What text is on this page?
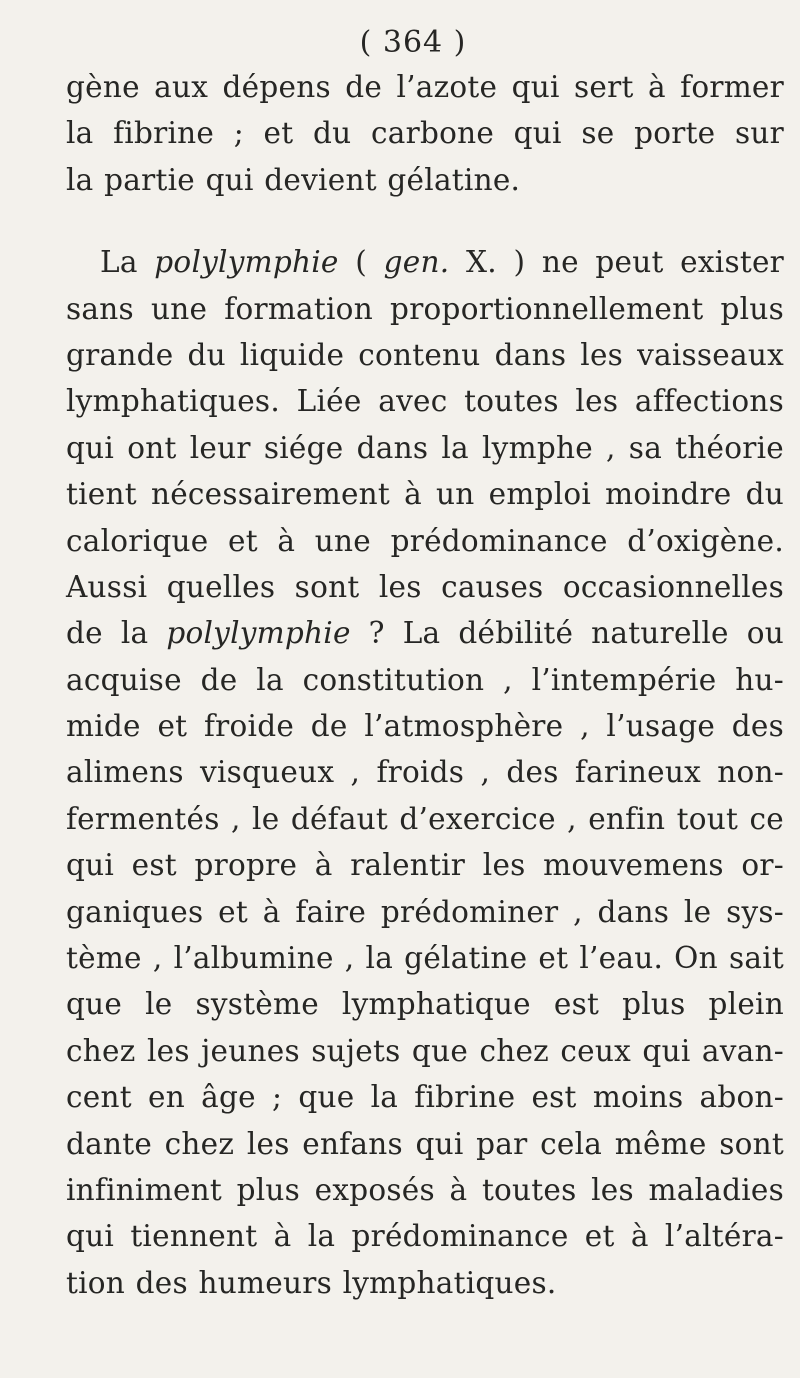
( 364 )
gène aux dépens de l’azote qui sert à former
la fibrine ; et du carbone qui se porte sur
la partie qui devient gélatine.
La polylymphie ( gen. X. ) ne peut exister
sans une formation proportionnellement plus
grande du liquide contenu dans les vaisseaux
lymphatiques. Liée avec toutes les affections
qui ont leur siége dans la lymphe , sa théorie
tient nécessairement à un emploi moindre du
calorique et à une prédominance d’oxigène.
Aussi quelles sont les causes occasionnelles
de la polylymphie ? La débilité naturelle ou
acquise de la constitution , l’intempérie hu-
mide et froide de l’atmosphère , l’usage des
alimens visqueux , froids , des farineux non-
fermentés , le défaut d’exercice , enfin tout ce
qui est propre à ralentir les mouvemens or-
ganiques et à faire prédominer , dans le sys-
tème , l’albumine , la gélatine et l’eau. On sait
que le système lymphatique est plus plein
chez les jeunes sujets que chez ceux qui avan-
cent en âge ; que la fibrine est moins abon-
dante chez les enfans qui par cela même sont
infiniment plus exposés à toutes les maladies
qui tiennent à la prédominance et à l’altéra-
tion des humeurs lymphatiques.
